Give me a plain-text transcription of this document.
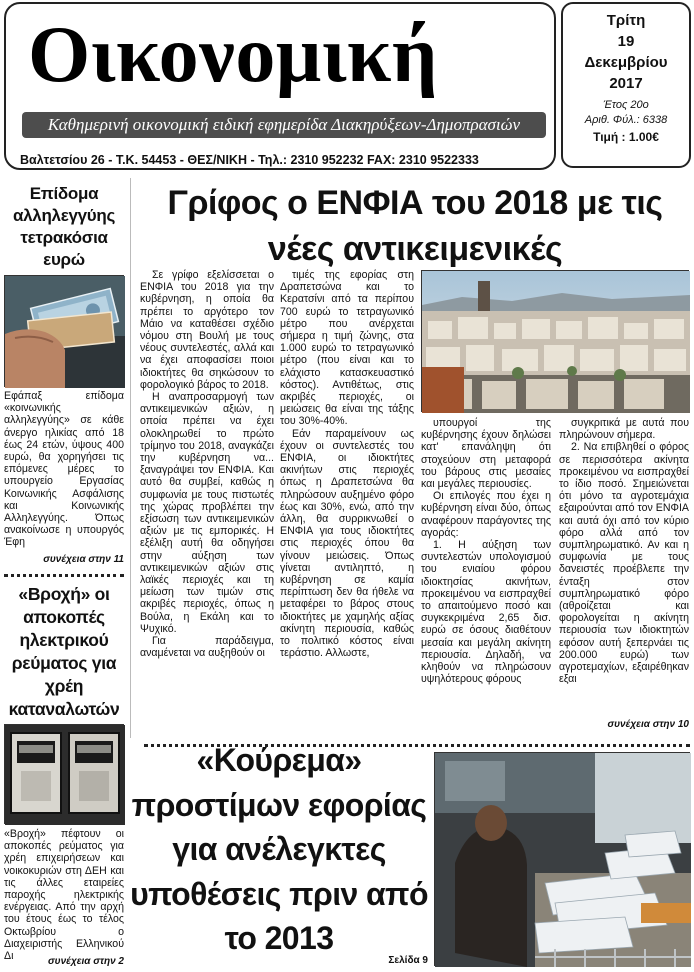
Οικονομική
Καθημερινή οικονομική ειδική εφημερίδα Διακηρύξεων-Δημοπρασιών
Βαλτετσίου 26 - Τ.Κ. 54453 - ΘΕΣ/ΝΙΚΗ - Τηλ.: 2310 952232 FAX: 2310 9522333
Τρίτη
19
Δεκεμβρίου
2017
Έτος 20ο
Αριθ. Φύλ.: 6338
Τιμή : 1.00€
Επίδομα αλληλεγγύης τετρακόσια ευρώ
Εφάπαξ επίδομα «κοινωνικής αλληλεγγύης» σε κάθε άνεργο ηλικίας από 18 έως 24 ετών, ύψους 400 ευρώ, θα χορηγήσει τις επόμενες μέρες το υπουργείο Εργασίας Κοινωνικής Ασφάλισης και Κοινωνικής Αλληλεγγύης. Όπως ανακοίνωσε η υπουργός Έφη
συνέχεια στην 11
«Βροχή» οι αποκοπές ηλεκτρικού ρεύματος για χρέη καταναλωτών
«Βροχή» πέφτουν οι αποκοπές ρεύματος για χρέη επιχειρήσεων και νοικοκυριών στη ΔΕΗ και τις άλλες εταιρείες παροχής ηλεκτρικής ενέργειας. Από την αρχή του έτους έως το τέλος Οκτωβρίου ο Διαχειριστής Ελληνικού Δι	συνέχεια στην 2
Γρίφος ο ΕΝΦΙΑ του 2018 με τις νέες αντικειμενικές

Σε γρίφο εξελίσσεται ο ΕΝΦΙΑ του 2018 για την κυβέρνηση, η οποία θα πρέπει το αργότερο τον Μάιο να καταθέσει σχέδιο νόμου στη Βουλή με τους νέους συντελεστές, αλλά και να έχει αποφασίσει ποιοι ιδιοκτήτες θα σηκώσουν το φορολογικό βάρος το 2018.

Η αναπροσαρμογή των αντικειμενικών αξιών, η οποία πρέπει να έχει ολοκληρωθεί το πρώτο τρίμηνο του 2018, αναγκάζει την κυβέρνηση να... ξαναγράψει τον ΕΝΦΙΑ. Και αυτό θα συμβεί, καθώς η συμφωνία με τους πιστωτές της χώρας προβλέπει την εξίσωση των αντικειμενικών αξιών με τις εμπορικές. Η εξέλιξη αυτή θα οδηγήσει στην αύξηση των αντικειμενικών αξιών στις λαϊκές περιοχές και τη μείωση των τιμών στις ακριβές περιοχές, όπως η Βούλα, η Εκάλη και το Ψυχικό.

Για παράδειγμα, αναμένεται να αυξηθούν οι

τιμές της εφορίας στη Δραπετσώνα και το Κερατσίνι από τα περίπου 700 ευρώ το τετραγωνικό μέτρο που ανέρχεται σήμερα η τιμή ζώνης, στα 1.000 ευρώ το τετραγωνικό μέτρο (που είναι και το ελάχιστο κατασκευαστικό κόστος). Αντιθέτως, στις ακριβές περιοχές, οι μειώσεις θα είναι της τάξης του 30%-40%.

Εάν παραμείνουν ως έχουν οι συντελεστές του ΕΝΦΙΑ, οι ιδιοκτήτες ακινήτων στις περιοχές όπως η Δραπετσώνα θα πληρώσουν αυξημένο φόρο έως και 30%, ενώ, από την άλλη, θα συρρικνωθεί ο ΕΝΦΙΑ για τους ιδιοκτήτες στις περιοχές όπου θα γίνουν μειώσεις. Όπως γίνεται αντιληπτό, η κυβέρνηση σε καμία περίπτωση δεν θα ήθελε να μεταφέρει το βάρος στους ιδιοκτήτες με χαμηλής αξίας ακίνητη περιουσία, καθώς το πολιτικό κόστος είναι τεράστιο. Αλλωστε,

υπουργοί της κυβέρνησης έχουν δηλώσει κατ' επανάληψη ότι στοχεύουν στη μεταφορά του βάρους στις μεσαίες και μεγάλες περιουσίες.

Οι επιλογές που έχει η κυβέρνηση είναι δύο, όπως αναφέρουν παράγοντες της αγοράς:

1. Η αύξηση των συντελεστών υπολογισμού του ενιαίου φόρου ιδιοκτησίας ακινήτων, προκειμένου να εισπραχθεί το απαιτούμενο ποσό και συγκεκριμένα 2,65 δισ. ευρώ σε όσους διαθέτουν μεσαία και μεγάλη ακίνητη περιουσία. Δηλαδή, να κληθούν να πληρώσουν υψηλότερους φόρους

συγκριτικά με αυτά που πληρώνουν σήμερα.

2. Να επιβληθεί ο φόρος σε περισσότερα ακίνητα προκειμένου να εισπραχθεί το ίδιο ποσό. Σημειώνεται ότι μόνο τα αγροτεμάχια εξαιρούνται από τον ΕΝΦΙΑ και αυτά όχι από τον κύριο φόρο αλλά από τον συμπληρωματικό. Αν και η συμφωνία με τους δανειστές προέβλεπε την ένταξη στον συμπληρωματικό φόρο (αθροίζεται και φορολογείται η ακίνητη περιουσία των ιδιοκτητών εφόσον αυτή ξεπερνάει τις 200.000 ευρώ) των αγροτεμαχίων, εξαιρέθηκαν εξαι

συνέχεια στην 10
«Κούρεμα» προστίμων εφορίας για ανέλεγκτες υποθέσεις πριν από το 2013
Σελίδα 9
